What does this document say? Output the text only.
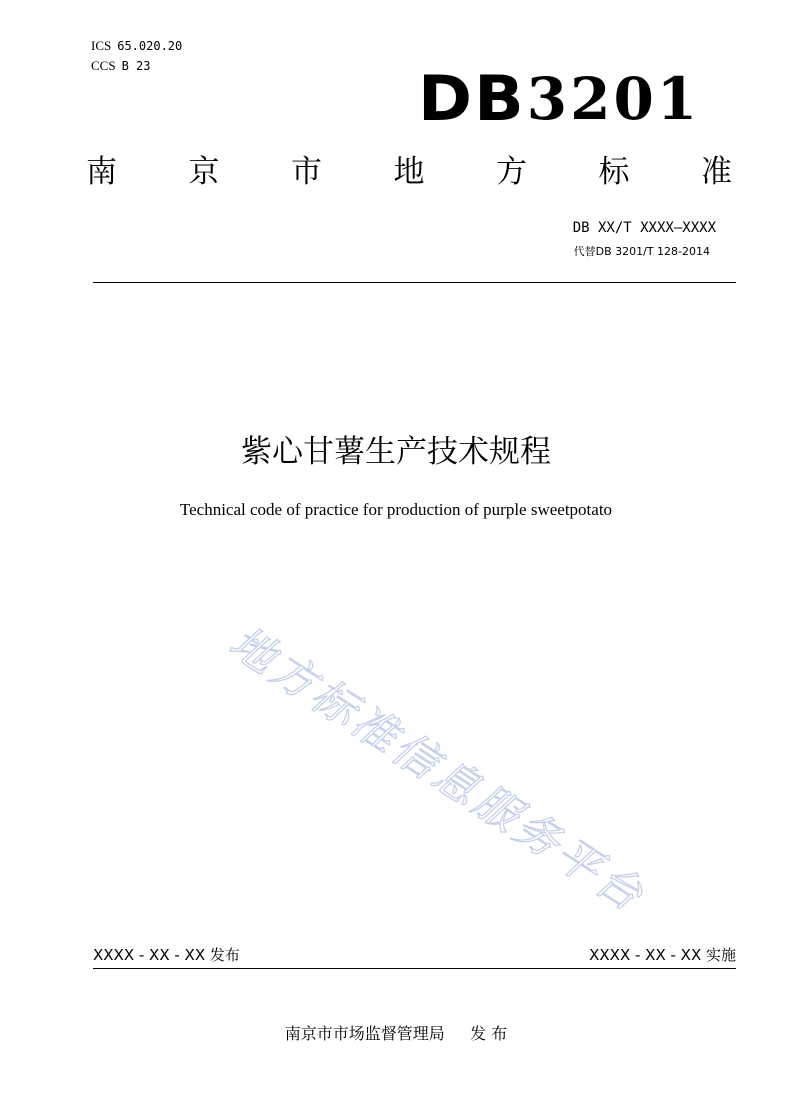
ICS 65.020.20
CCS B 23	DB 3201
南 京 市 地 方 标 准
DB XX/T XXXX—XXXX
代替DB 3201/T 128-2014
紫心甘薯生产技术规程
Technical code of practice for production of purple sweetpotato
地
方
标
准
信
息
服
务
平
台
XXXX - XX - XX 发布	XXXX - XX - XX 实施
南京市市场监督管理局     发 布
